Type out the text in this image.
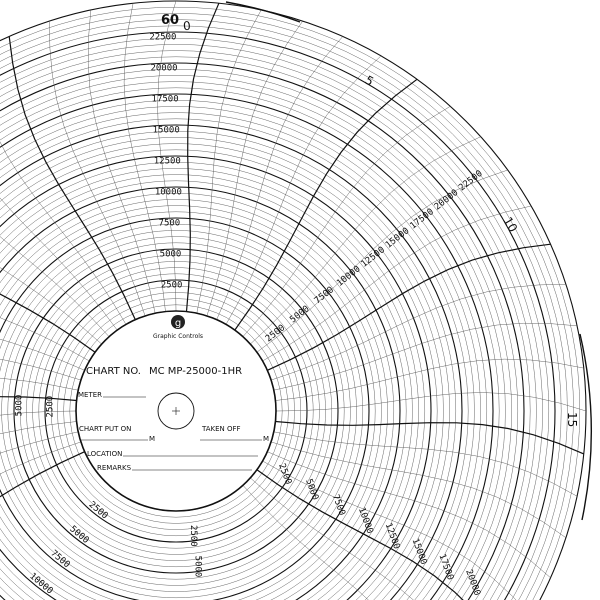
2500
5000
7500
10000
12500
15000
17500
20000
22500
2500
5000
7500
10000
12500
15000
17500
20000
22500
2500
5000
7500
10000
12500
15000
17500
20000
2500
5000
2500
5000
7500
10000
2500
5000
g
Graphic Controls
CHART NO. MC MP-25000-1HR
METER
CHART PUT ON	TAKEN OFF
M	M
LOCATION
REMARKS
60 0
5
10
15
